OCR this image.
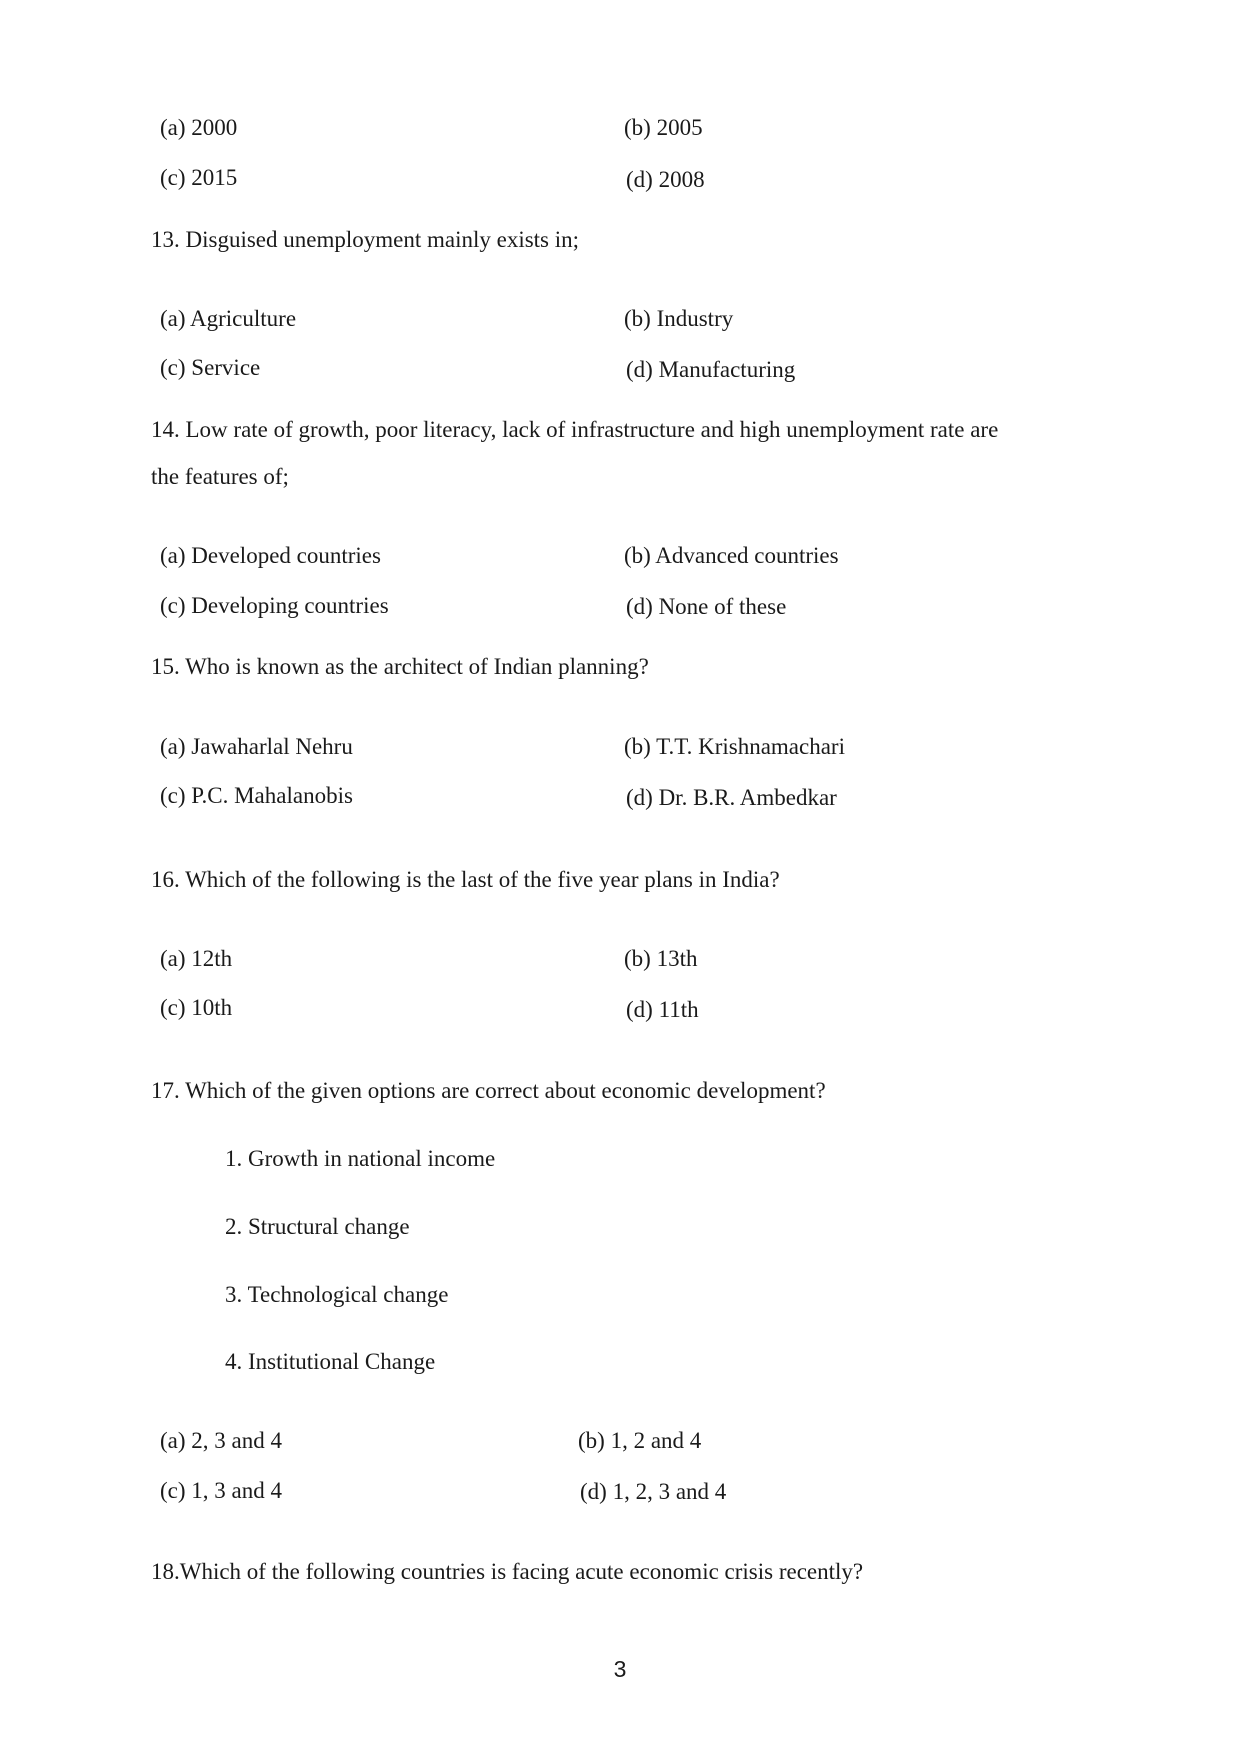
(a) 2000	(b) 2005
(c) 2015	(d) 2008
13. Disguised unemployment mainly exists in;
(a) Agriculture	(b) Industry
(c) Service	(d) Manufacturing
14. Low rate of growth, poor literacy, lack of infrastructure and high unemployment rate are
the features of;
(a) Developed countries	(b) Advanced countries
(c) Developing countries	(d) None of these
15. Who is known as the architect of Indian planning?
(a) Jawaharlal Nehru	(b) T.T. Krishnamachari
(c) P.C. Mahalanobis	(d) Dr. B.R. Ambedkar
16. Which of the following is the last of the five year plans in India?
(a) 12th	(b) 13th
(c) 10th	(d) 11th
17. Which of the given options are correct about economic development?
1. Growth in national income
2. Structural change
3. Technological change
4. Institutional Change
(a) 2, 3 and 4	(b) 1, 2 and 4
(c) 1, 3 and 4	(d) 1, 2, 3 and 4
18.Which of the following countries is facing acute economic crisis recently?
3
